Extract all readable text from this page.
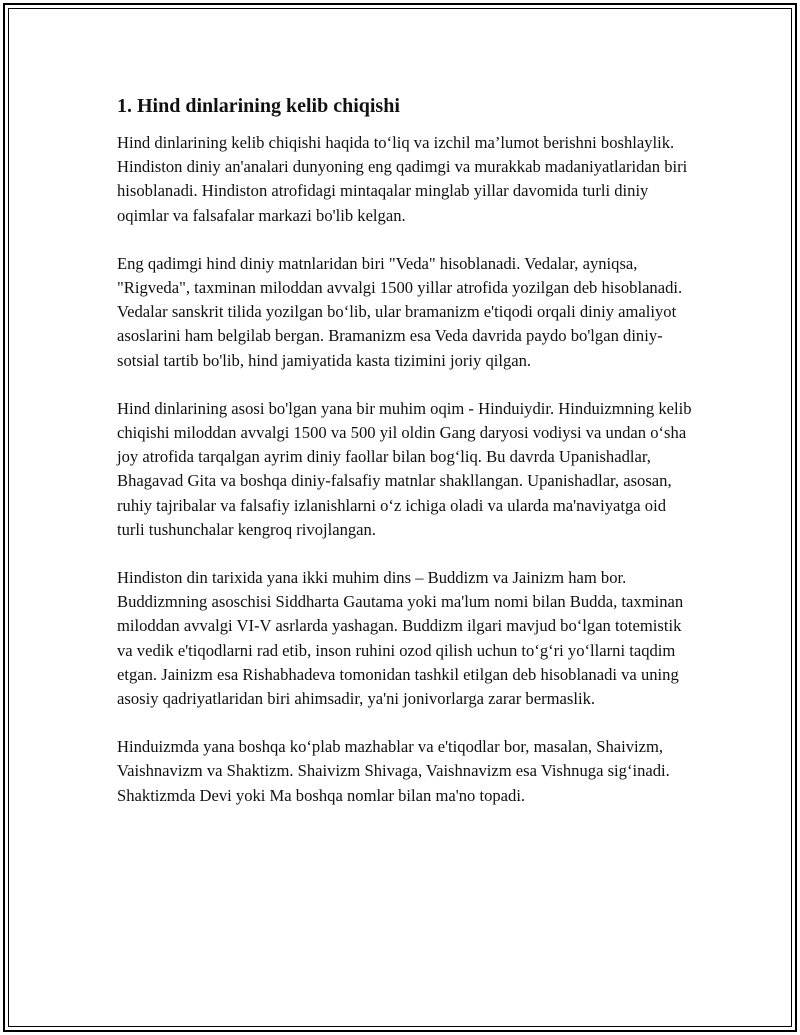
1. Hind dinlarining kelib chiqishi

Hind dinlarining kelib chiqishi haqida to‘liq va izchil ma’lumot berishni boshlaylik. Hindiston diniy an'analari dunyoning eng qadimgi va murakkab madaniyatlaridan biri hisoblanadi. Hindiston atrofidagi mintaqalar minglab yillar davomida turli diniy oqimlar va falsafalar markazi bo'lib kelgan.

Eng qadimgi hind diniy matnlaridan biri "Veda" hisoblanadi. Vedalar, ayniqsa, "Rigveda", taxminan miloddan avvalgi 1500 yillar atrofida yozilgan deb hisoblanadi. Vedalar sanskrit tilida yozilgan bo‘lib, ular bramanizm e'tiqodi orqali diniy amaliyot asoslarini ham belgilab bergan. Bramanizm esa Veda davrida paydo bo'lgan diniy-sotsial tartib bo'lib, hind jamiyatida kasta tizimini joriy qilgan.

Hind dinlarining asosi bo'lgan yana bir muhim oqim - Hinduiydir. Hinduizmning kelib chiqishi miloddan avvalgi 1500 va 500 yil oldin Gang daryosi vodiysi va undan o‘sha joy atrofida tarqalgan ayrim diniy faollar bilan bog‘liq. Bu davrda Upanishadlar, Bhagavad Gita va boshqa diniy-falsafiy matnlar shakllangan. Upanishadlar, asosan, ruhiy tajribalar va falsafiy izlanishlarni o‘z ichiga oladi va ularda ma'naviyatga oid turli tushunchalar kengroq rivojlangan.

Hindiston din tarixida yana ikki muhim dins – Buddizm va Jainizm ham bor. Buddizmning asoschisi Siddharta Gautama yoki ma'lum nomi bilan Budda, taxminan miloddan avvalgi VI-V asrlarda yashagan. Buddizm ilgari mavjud bo‘lgan totemistik va vedik e'tiqodlarni rad etib, inson ruhini ozod qilish uchun to‘g‘ri yo‘llarni taqdim etgan. Jainizm esa Rishabhadeva tomonidan tashkil etilgan deb hisoblanadi va uning asosiy qadriyatlaridan biri ahimsadir, ya'ni jonivorlarga zarar bermaslik.

Hinduizmda yana boshqa ko‘plab mazhablar va e'tiqodlar bor, masalan, Shaivizm, Vaishnavizm va Shaktizm. Shaivizm Shivaga, Vaishnavizm esa Vishnuga sig‘inadi. Shaktizmda Devi yoki Ma boshqa nomlar bilan ma'no topadi.
